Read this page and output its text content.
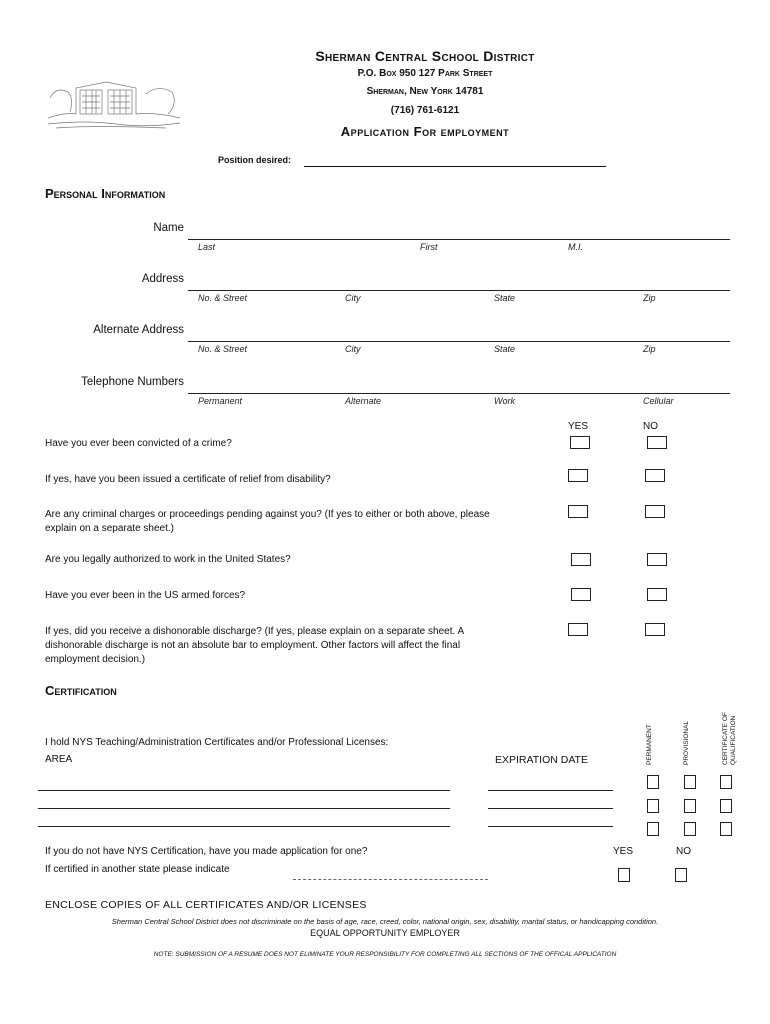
Sherman Central School District
P.O. Box 950 127 Park Street
Sherman, New York 14781
(716) 761-6121
Application For employment
Position desired:
Personal Information
Name
Last	First	M.I.
Address
No. & Street	City	State	Zip
Alternate Address
No. & Street	City	State	Zip
Telephone Numbers
Permanent	Alternate	Work	Cellular
YES	NO
Have you ever been convicted of a crime?
If yes, have you been issued a certificate of relief from disability?
Are any criminal charges or proceedings pending against you? (If yes to either or both above, please explain on a separate sheet.)
Are you legally authorized to work in the United States?
Have you ever been in the US armed forces?
If yes, did you receive a dishonorable discharge? (If yes, please explain on a separate sheet. A dishonorable discharge is not an absolute bar to employment. Other factors will affect the final employment decision.)
Certification
PERMANENT	PROVISIONAL	CERTIFICATE OF QUALIFICATION
I hold NYS Teaching/Administration Certificates and/or Professional Licenses:
AREA	EXPIRATION DATE
If you do not have NYS Certification, have you made application for one?	YES	NO
If certified in another state please indicate
ENCLOSE COPIES OF ALL CERTIFICATES AND/OR LICENSES
Sherman Central School District does not discriminate on the basis of age, race, creed, color, national origin, sex, disability, marital status, or handicapping condition.
EQUAL OPPORTUNITY EMPLOYER
NOTE: SUBMISSION OF A RESUME DOES NOT ELIMINATE YOUR RESPONSIBILITY FOR COMPLETING ALL SECTIONS OF THE OFFICAL APPLICATION
